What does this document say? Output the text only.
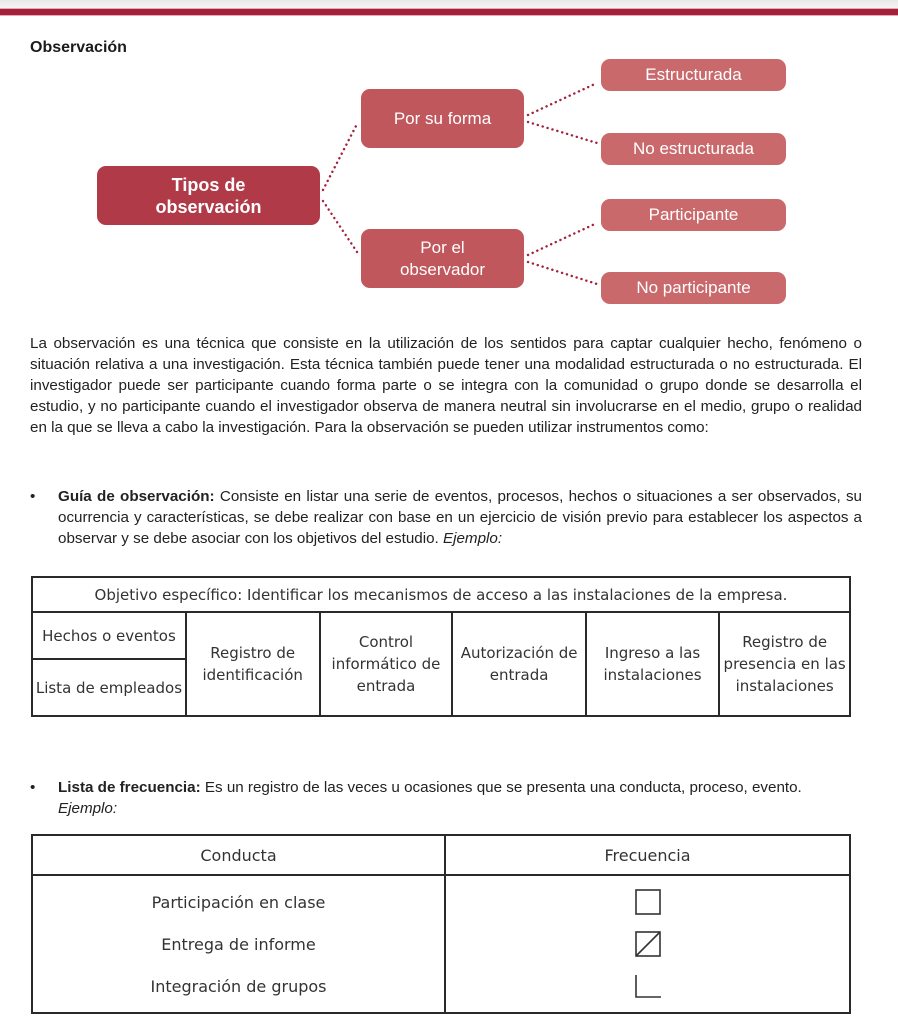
Observación
Tipos de observación
Por su forma
Por el observador
Estructurada
No estructurada
Participante
No participante
La observación es una técnica que consiste en la utilización de los sentidos para captar cualquier hecho, fenómeno o situación relativa a una investigación. Esta técnica también puede tener una modalidad estructurada o no estructurada. El investigador puede ser participante cuando forma parte o se integra con la comunidad o grupo donde se desarrolla el estudio, y no participante cuando el investigador observa de manera neutral sin involucrarse en el medio, grupo o realidad en la que se lleva a cabo la investigación. Para la observación se pueden utilizar instrumentos como:
• Guía de observación: Consiste en listar una serie de eventos, procesos, hechos o situaciones a ser observados, su ocurrencia y características, se debe realizar con base en un ejercicio de visión previo para establecer los aspectos a observar y se debe asociar con los objetivos del estudio. Ejemplo:
Objetivo específico: Identificar los mecanismos de acceso a las instalaciones de la empresa.
Hechos o eventos	Registro de identificación	Control informático de entrada	Autorización de entrada	Ingreso a las instalaciones	Registro de presencia en las instalaciones
Lista de empleados
• Lista de frecuencia: Es un registro de las veces u ocasiones que se presenta una conducta, proceso, evento. Ejemplo:
Conducta	Frecuencia
Participación en clase	
Entrega de informe	
Integración de grupos	
